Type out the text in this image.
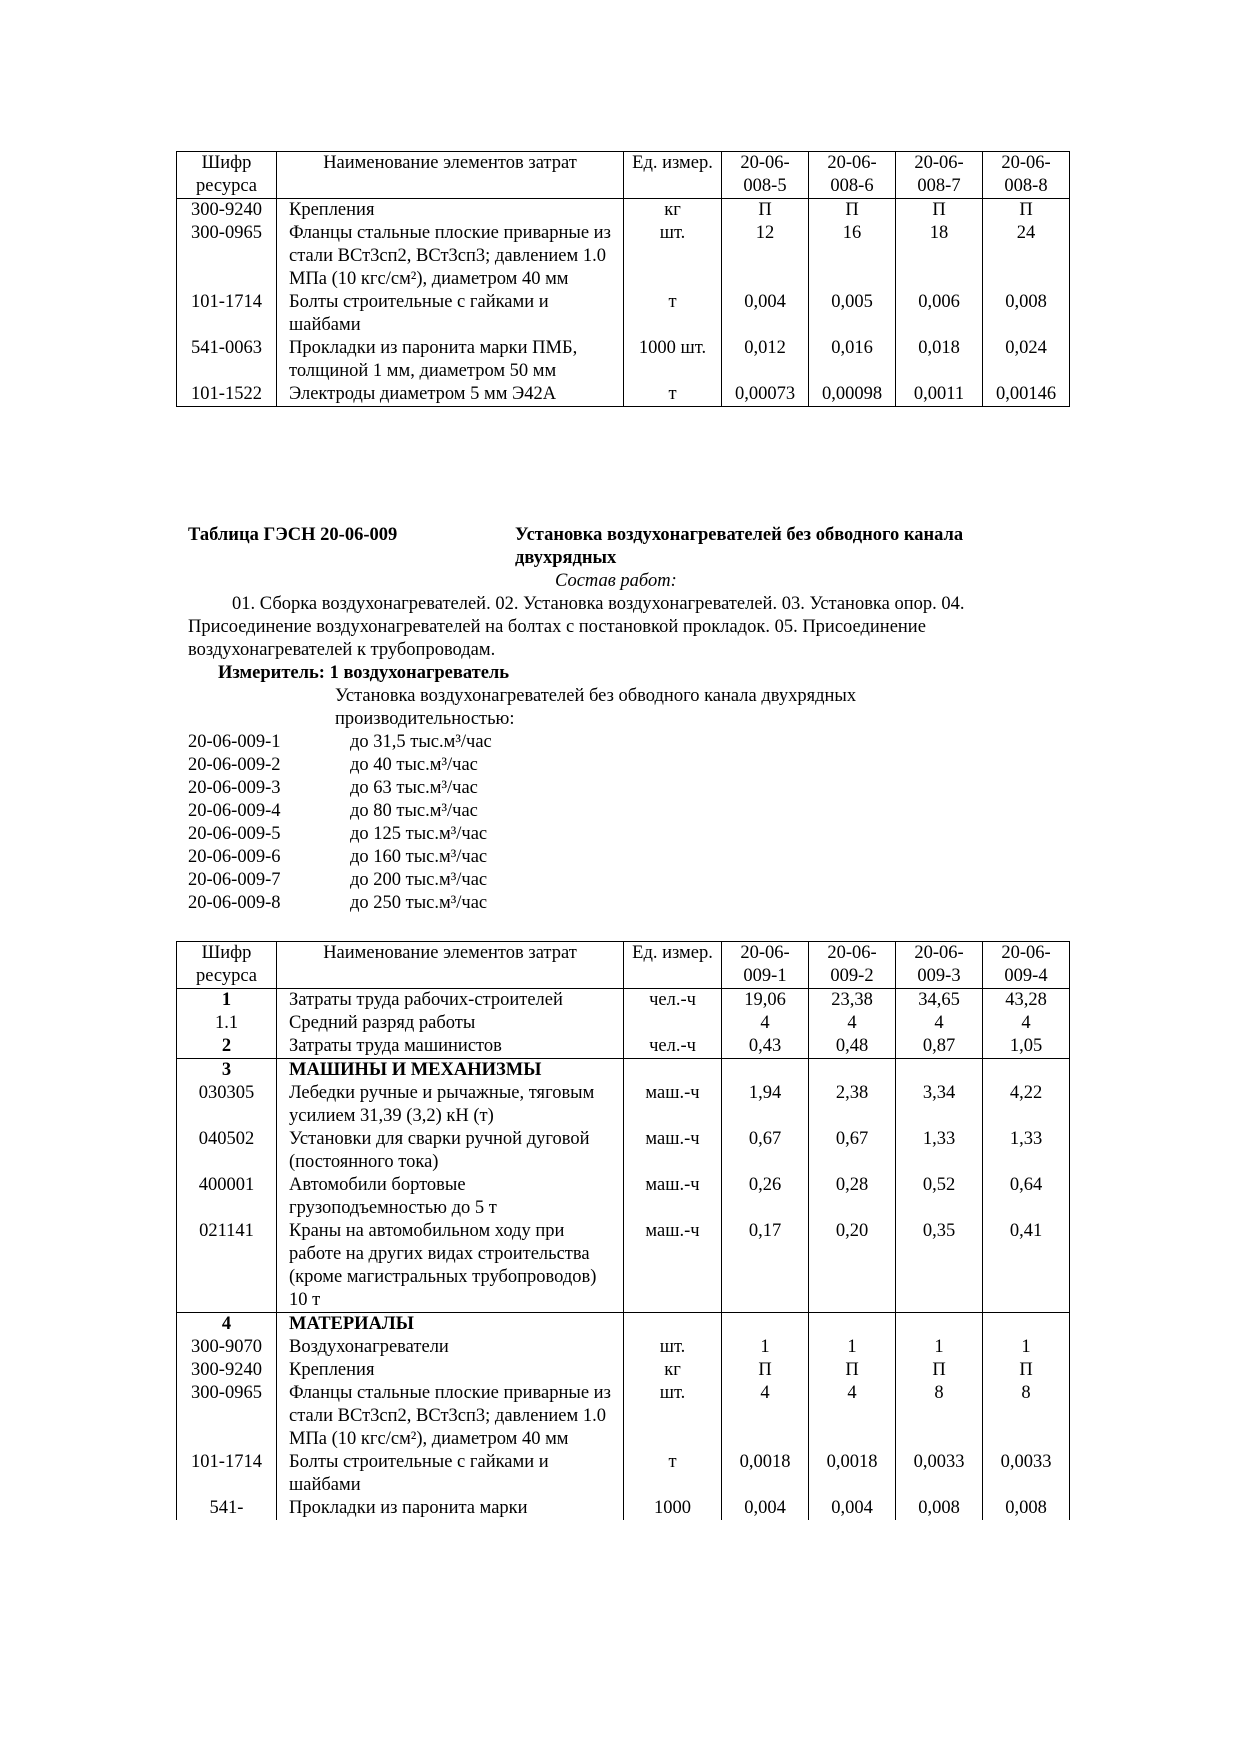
Шифр ресурса	Наименование элементов затрат	Ед. измер.	20-06-008-5	20-06-008-6	20-06-008-7	20-06-008-8
300-9240	Крепления	кг	П	П	П	П
300-0965	Фланцы стальные плоские приварные из стали ВСт3сп2, ВСт3сп3; давлением 1.0 МПа (10 кгс/см²), диаметром 40 мм	шт.	12	16	18	24
101-1714	Болты строительные с гайками и шайбами	т	0,004	0,005	0,006	0,008
541-0063	Прокладки из паронита марки ПМБ, толщиной 1 мм, диаметром 50 мм	1000 шт.	0,012	0,016	0,018	0,024
101-1522	Электроды диаметром 5 мм Э42А	т	0,00073	0,00098	0,0011	0,00146
Таблица ГЭСН 20-06-009	Установка воздухонагревателей без обводного канала двухрядных
Состав работ:
01. Сборка воздухонагревателей. 02. Установка воздухонагревателей. 03. Установка опор. 04. Присоединение воздухонагревателей на болтах с постановкой прокладок. 05. Присоединение воздухонагревателей к трубопроводам.
Измеритель: 1 воздухонагреватель
Установка воздухонагревателей без обводного канала двухрядных
производительностью:
20-06-009-1	до 31,5 тыс.м³/час
20-06-009-2	до 40 тыс.м³/час
20-06-009-3	до 63 тыс.м³/час
20-06-009-4	до 80 тыс.м³/час
20-06-009-5	до 125 тыс.м³/час
20-06-009-6	до 160 тыс.м³/час
20-06-009-7	до 200 тыс.м³/час
20-06-009-8	до 250 тыс.м³/час
Шифр ресурса	Наименование элементов затрат	Ед. измер.	20-06-009-1	20-06-009-2	20-06-009-3	20-06-009-4
1	Затраты труда рабочих-строителей	чел.-ч	19,06	23,38	34,65	43,28
1.1	Средний разряд работы		4	4	4	4
2	Затраты труда машинистов	чел.-ч	0,43	0,48	0,87	1,05
3	МАШИНЫ И МЕХАНИЗМЫ					
030305	Лебедки ручные и рычажные, тяговым усилием 31,39 (3,2) кН (т)	маш.-ч	1,94	2,38	3,34	4,22
040502	Установки для сварки ручной дуговой (постоянного тока)	маш.-ч	0,67	0,67	1,33	1,33
400001	Автомобили бортовые грузоподъемностью до 5 т	маш.-ч	0,26	0,28	0,52	0,64
021141	Краны на автомобильном ходу при работе на других видах строительства (кроме магистральных трубопроводов) 10 т	маш.-ч	0,17	0,20	0,35	0,41
4	МАТЕРИАЛЫ					
300-9070	Воздухонагреватели	шт.	1	1	1	1
300-9240	Крепления	кг	П	П	П	П
300-0965	Фланцы стальные плоские приварные из стали ВСт3сп2, ВСт3сп3; давлением 1.0 МПа (10 кгс/см²), диаметром 40 мм	шт.	4	4	8	8
101-1714	Болты строительные с гайками и шайбами	т	0,0018	0,0018	0,0033	0,0033
541-	Прокладки из паронита марки	1000	0,004	0,004	0,008	0,008
